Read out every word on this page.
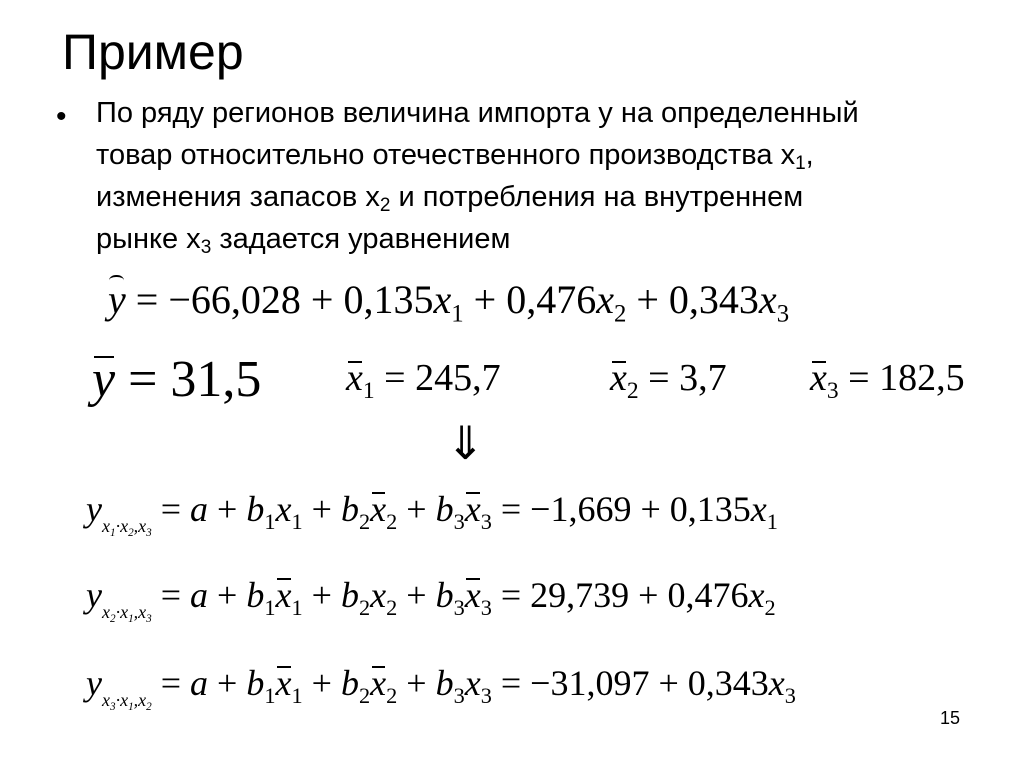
Пример
• По ряду регионов величина импорта у на определенный
товар относительно отечественного производства $х_1$,
изменения запасов $х_2$ и потребления на внутреннем
рынке $х_3$ задается уравнением

$y = -66,028 + 0,135x_1 + 0,476x_2 + 0,343x_3$
y = 31,5 $x_1 = 245,7$	$x_2 = 3,7$ $x_3 = 182,5$
⇓
$y_{x_1\cdot x_2,x_3} = a + b_1x_1 + b_2x_2 + b_3x_3 = -1,669 + 0,135x_1$
$y_{x_2\cdot x_1,x_3} = a + b_1x_1 + b_2x_2 + b_3x_3 = 29,739 + 0,476x_2$
$y_{x_3\cdot x_1,x_2} = a + b_1x_1 + b_2x_2 + b_3x_3 = -31,097 + 0,343x_3$
15
